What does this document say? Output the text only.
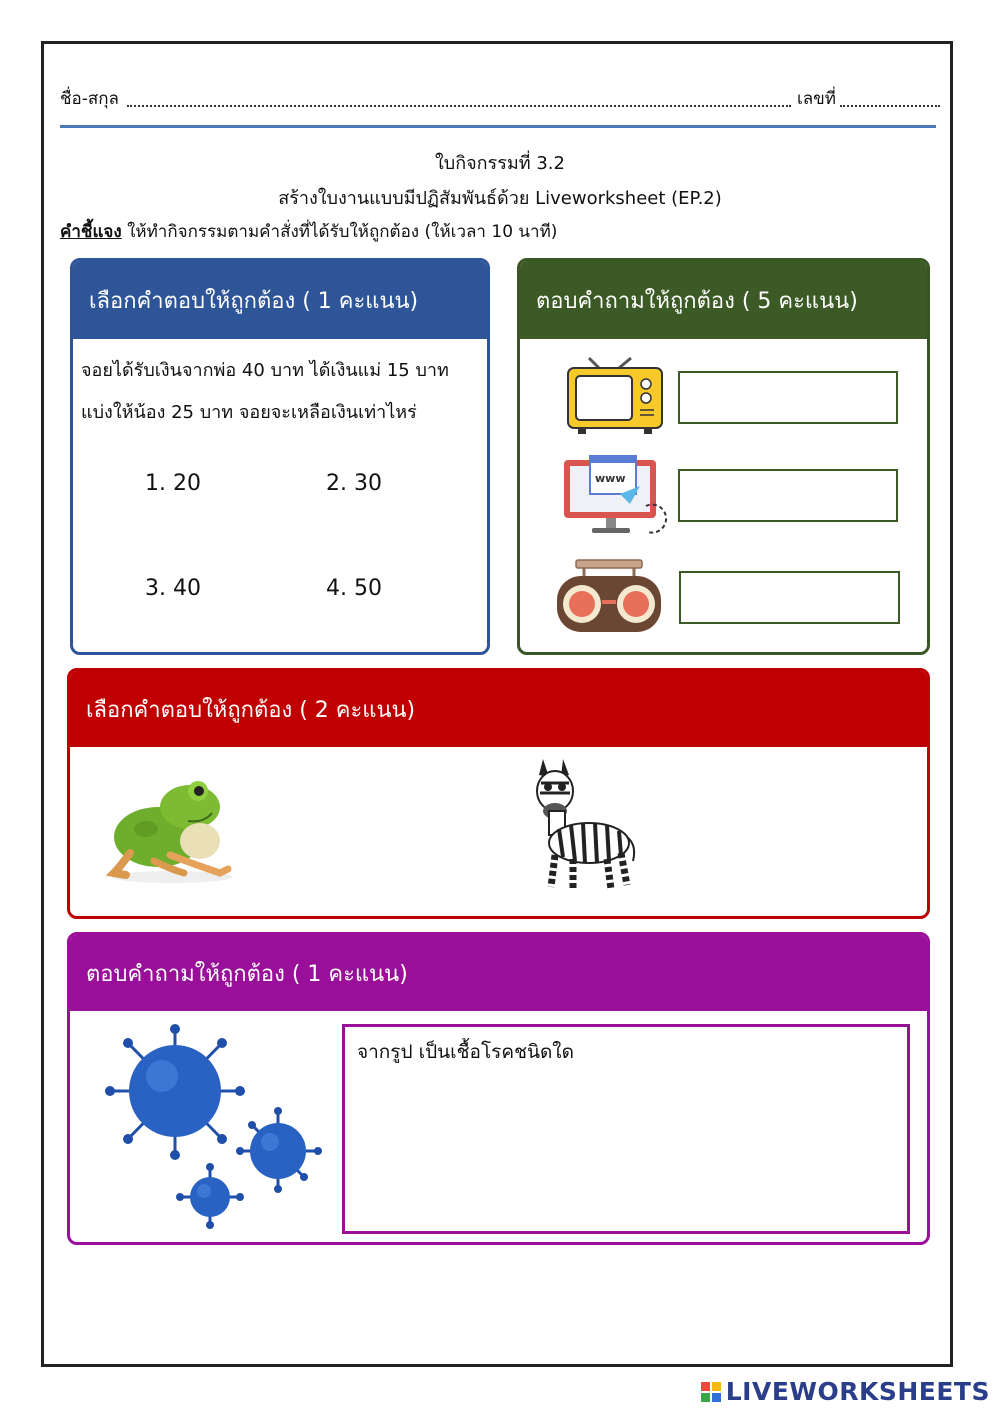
ชื่อ-สกุล	เลขที่
ใบกิจกรรมที่ 3.2
สร้างใบงานแบบมีปฏิสัมพันธ์ด้วย Liveworksheet (EP.2)
คำชี้แจง ให้ทำกิจกรรมตามคำสั่งที่ได้รับให้ถูกต้อง (ให้เวลา 10 นาที)
เลือกคำตอบให้ถูกต้อง ( 1 คะแนน)
จอยได้รับเงินจากพ่อ 40 บาท ได้เงินแม่ 15 บาท
แบ่งให้น้อง 25 บาท จอยจะเหลือเงินเท่าไหร่
1. 20	2. 30
3. 40	4. 50
ตอบคำถามให้ถูกต้อง ( 5 คะแนน)
www
เลือกคำตอบให้ถูกต้อง ( 2 คะแนน)
ตอบคำถามให้ถูกต้อง ( 1 คะแนน)
จากรูป เป็นเชื้อโรคชนิดใด
LIVEWORKSHEETS
